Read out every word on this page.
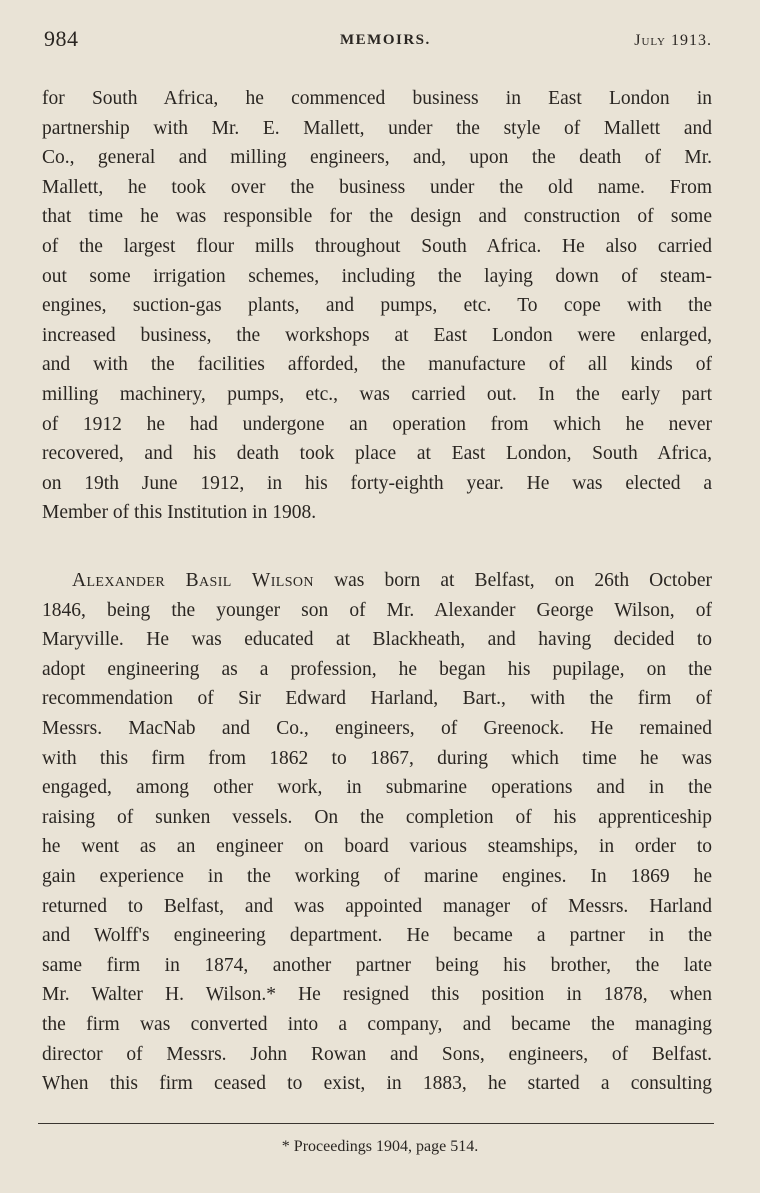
984	MEMOIRS.	July 1913.
for South Africa, he commenced business in East London in
partnership with Mr. E. Mallett, under the style of Mallett and
Co., general and milling engineers, and, upon the death of Mr.
Mallett, he took over the business under the old name. From
that time he was responsible for the design and construction of some
of the largest flour mills throughout South Africa. He also carried
out some irrigation schemes, including the laying down of steam-
engines, suction-gas plants, and pumps, etc. To cope with the
increased business, the workshops at East London were enlarged,
and with the facilities afforded, the manufacture of all kinds of
milling machinery, pumps, etc., was carried out. In the early part
of 1912 he had undergone an operation from which he never
recovered, and his death took place at East London, South Africa,
on 19th June 1912, in his forty-eighth year. He was elected a
Member of this Institution in 1908.
Alexander Basil Wilson was born at Belfast, on 26th October
1846, being the younger son of Mr. Alexander George Wilson, of
Maryville. He was educated at Blackheath, and having decided to
adopt engineering as a profession, he began his pupilage, on the
recommendation of Sir Edward Harland, Bart., with the firm of
Messrs. MacNab and Co., engineers, of Greenock. He remained
with this firm from 1862 to 1867, during which time he was
engaged, among other work, in submarine operations and in the
raising of sunken vessels. On the completion of his apprenticeship
he went as an engineer on board various steamships, in order to
gain experience in the working of marine engines. In 1869 he
returned to Belfast, and was appointed manager of Messrs. Harland
and Wolff's engineering department. He became a partner in the
same firm in 1874, another partner being his brother, the late
Mr. Walter H. Wilson.* He resigned this position in 1878, when
the firm was converted into a company, and became the managing
director of Messrs. John Rowan and Sons, engineers, of Belfast.
When this firm ceased to exist, in 1883, he started a consulting
* Proceedings 1904, page 514.
